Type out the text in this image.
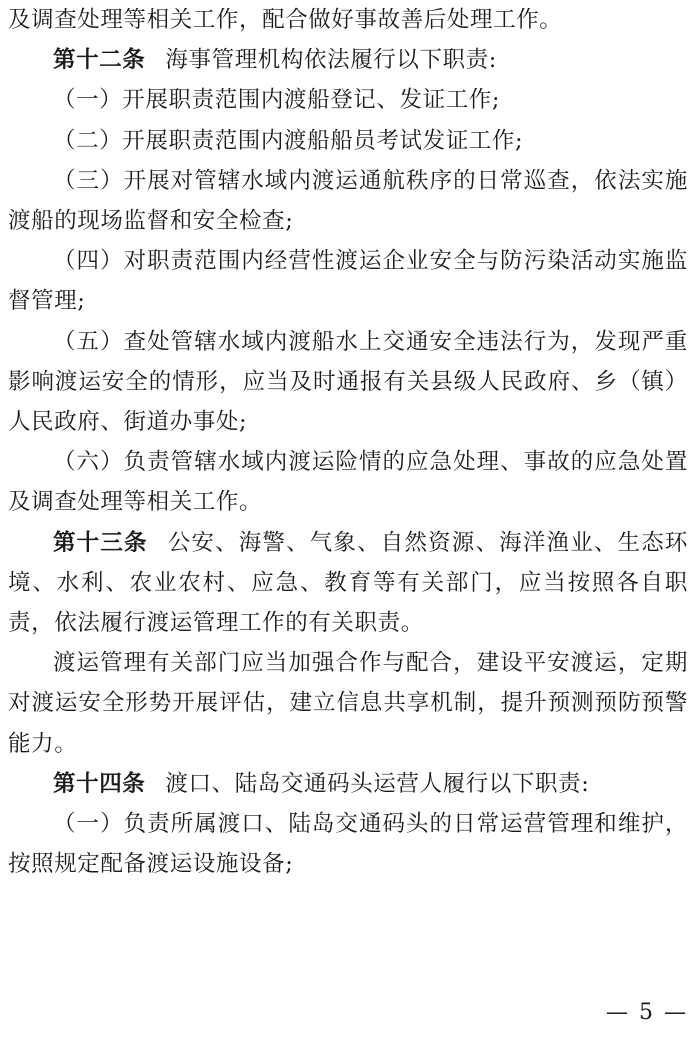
及调查处理等相关工作，配合做好事故善后处理工作。

第十二条 海事管理机构依法履行以下职责:

（一）开展职责范围内渡船登记、发证工作;

（二）开展职责范围内渡船船员考试发证工作;

（三）开展对管辖水域内渡运通航秩序的日常巡查，依法实施渡船的现场监督和安全检查;

（四）对职责范围内经营性渡运企业安全与防污染活动实施监督管理;

（五）查处管辖水域内渡船水上交通安全违法行为，发现严重影响渡运安全的情形，应当及时通报有关县级人民政府、乡（镇）人民政府、街道办事处;

（六）负责管辖水域内渡运险情的应急处理、事故的应急处置及调查处理等相关工作。

第十三条 公安、海警、气象、自然资源、海洋渔业、生态环境、水利、农业农村、应急、教育等有关部门，应当按照各自职责，依法履行渡运管理工作的有关职责。

渡运管理有关部门应当加强合作与配合，建设平安渡运，定期对渡运安全形势开展评估，建立信息共享机制，提升预测预防预警能力。

第十四条 渡口、陆岛交通码头运营人履行以下职责:

（一）负责所属渡口、陆岛交通码头的日常运营管理和维护，按照规定配备渡运设施设备;

— 5 —
